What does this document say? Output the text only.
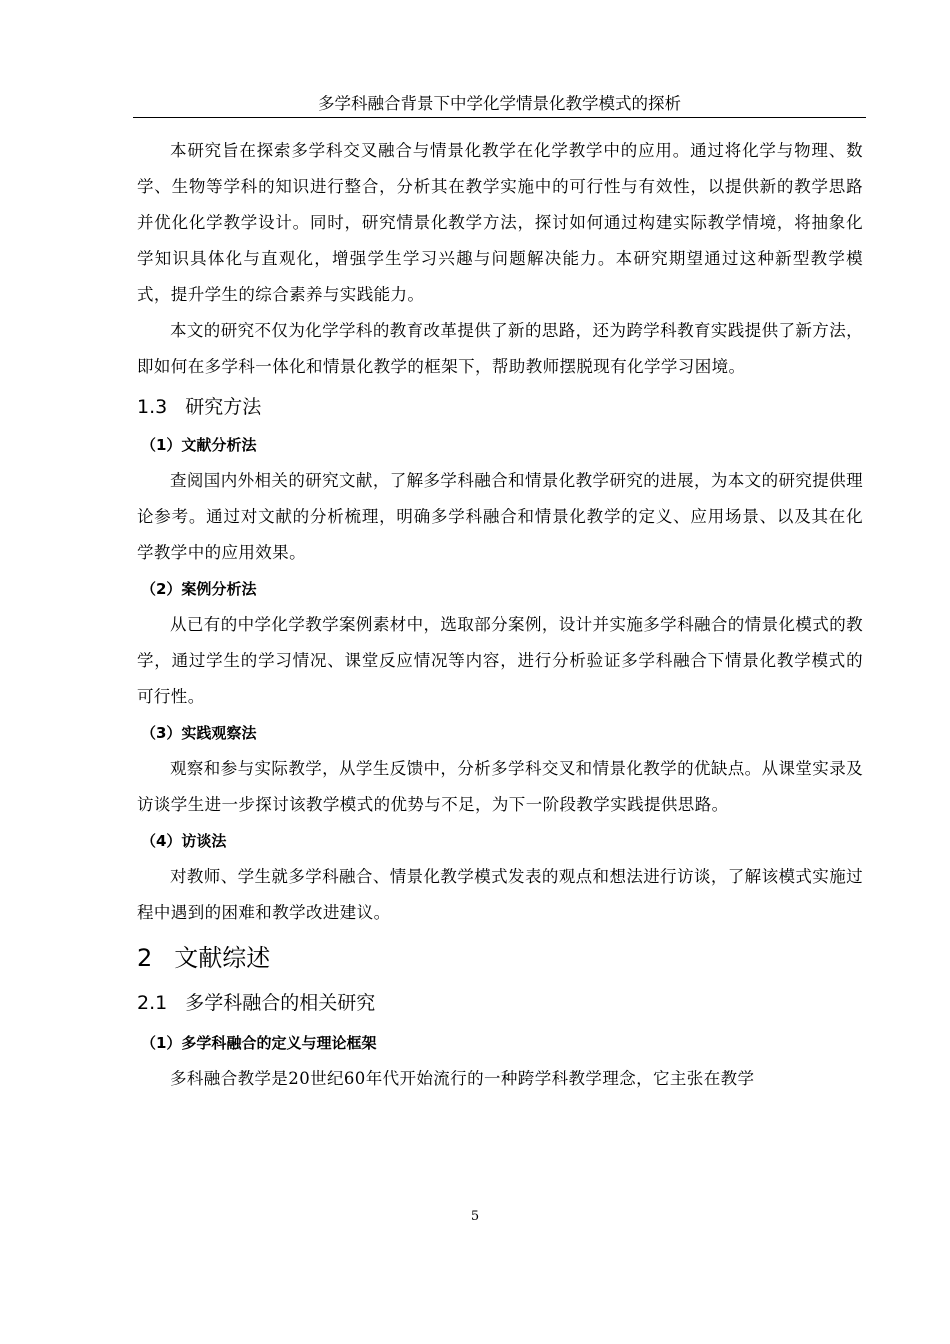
多学科融合背景下中学化学情景化教学模式的探析

本研究旨在探索多学科交叉融合与情景化教学在化学教学中的应用。通过将化学与物理、数学、生物等学科的知识进行整合，分析其在教学实施中的可行性与有效性，以提供新的教学思路并优化化学教学设计。同时，研究情景化教学方法，探讨如何通过构建实际教学情境，将抽象化学知识具体化与直观化，增强学生学习兴趣与问题解决能力。本研究期望通过这种新型教学模式，提升学生的综合素养与实践能力。

本文的研究不仅为化学学科的教育改革提供了新的思路，还为跨学科教育实践提供了新方法，即如何在多学科一体化和情景化教学的框架下，帮助教师摆脱现有化学学习困境。

1.3 研究方法
（1）文献分析法

查阅国内外相关的研究文献，了解多学科融合和情景化教学研究的进展，为本文的研究提供理论参考。通过对文献的分析梳理，明确多学科融合和情景化教学的定义、应用场景、以及其在化学教学中的应用效果。

（2）案例分析法

从已有的中学化学教学案例素材中，选取部分案例，设计并实施多学科融合的情景化模式的教学，通过学生的学习情况、课堂反应情况等内容，进行分析验证多学科融合下情景化教学模式的可行性。

（3）实践观察法

观察和参与实际教学，从学生反馈中，分析多学科交叉和情景化教学的优缺点。从课堂实录及访谈学生进一步探讨该教学模式的优势与不足，为下一阶段教学实践提供思路。

（4）访谈法

对教师、学生就多学科融合、情景化教学模式发表的观点和想法进行访谈，了解该模式实施过程中遇到的困难和教学改进建议。

2 文献综述
2.1 多学科融合的相关研究
（1）多学科融合的定义与理论框架

多科融合教学是20世纪60年代开始流行的一种跨学科教学理念，它主张在教学

5
